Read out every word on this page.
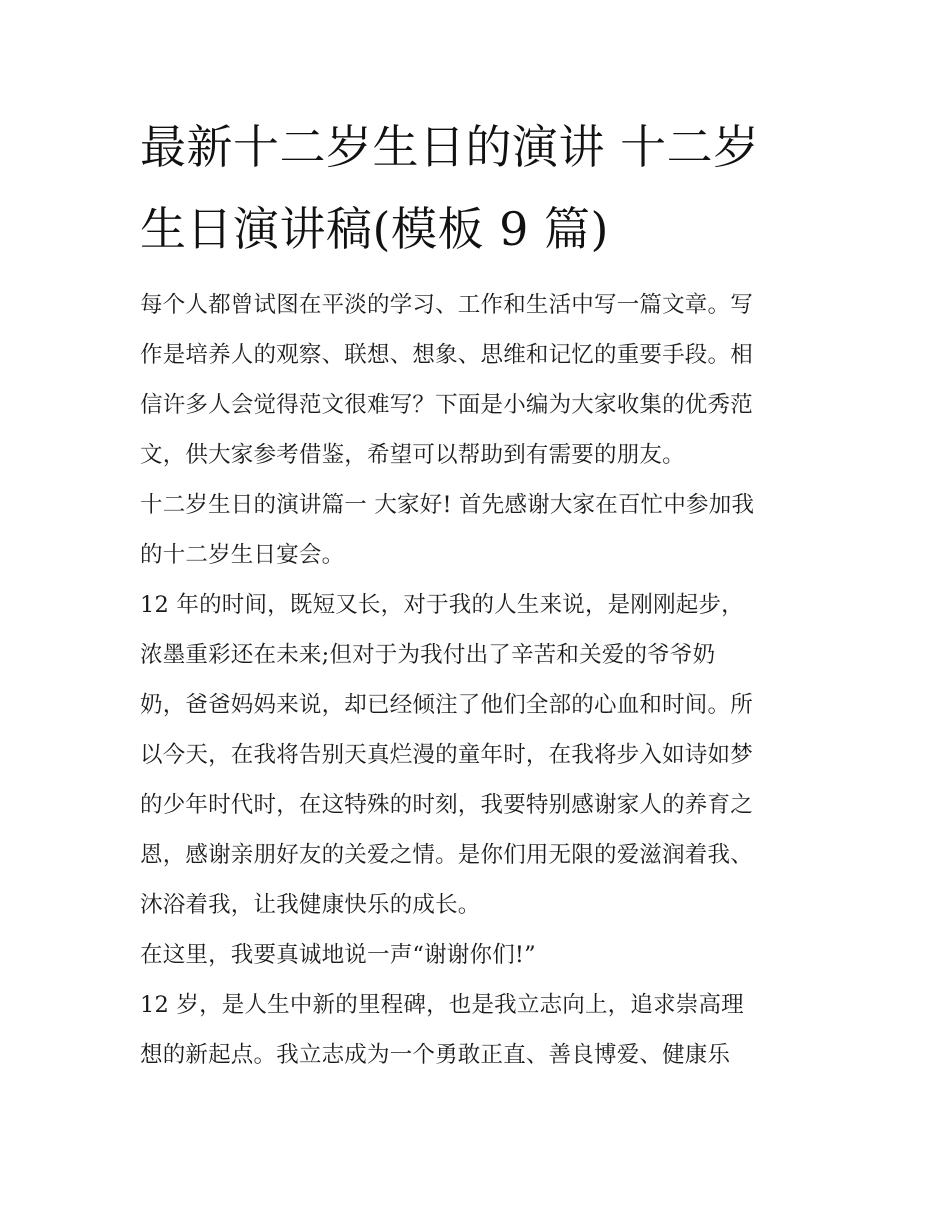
最新十二岁生日的演讲 十二岁
生日演讲稿(模板 9 篇)

每个人都曾试图在平淡的学习、工作和生活中写一篇文章。写
作是培养人的观察、联想、想象、思维和记忆的重要手段。相
信许多人会觉得范文很难写？下面是小编为大家收集的优秀范
文，供大家参考借鉴，希望可以帮助到有需要的朋友。

十二岁生日的演讲篇一 大家好! 首先感谢大家在百忙中参加我
的十二岁生日宴会。

12 年的时间，既短又长，对于我的人生来说，是刚刚起步，
浓墨重彩还在未来;但对于为我付出了辛苦和关爱的爷爷奶
奶，爸爸妈妈来说，却已经倾注了他们全部的心血和时间。所
以今天，在我将告别天真烂漫的童年时，在我将步入如诗如梦
的少年时代时，在这特殊的时刻，我要特别感谢家人的养育之
恩，感谢亲朋好友的关爱之情。是你们用无限的爱滋润着我、
沐浴着我，让我健康快乐的成长。

在这里，我要真诚地说一声“谢谢你们!”

12 岁，是人生中新的里程碑，也是我立志向上，追求崇高理
想的新起点。我立志成为一个勇敢正直、善良博爱、健康乐
